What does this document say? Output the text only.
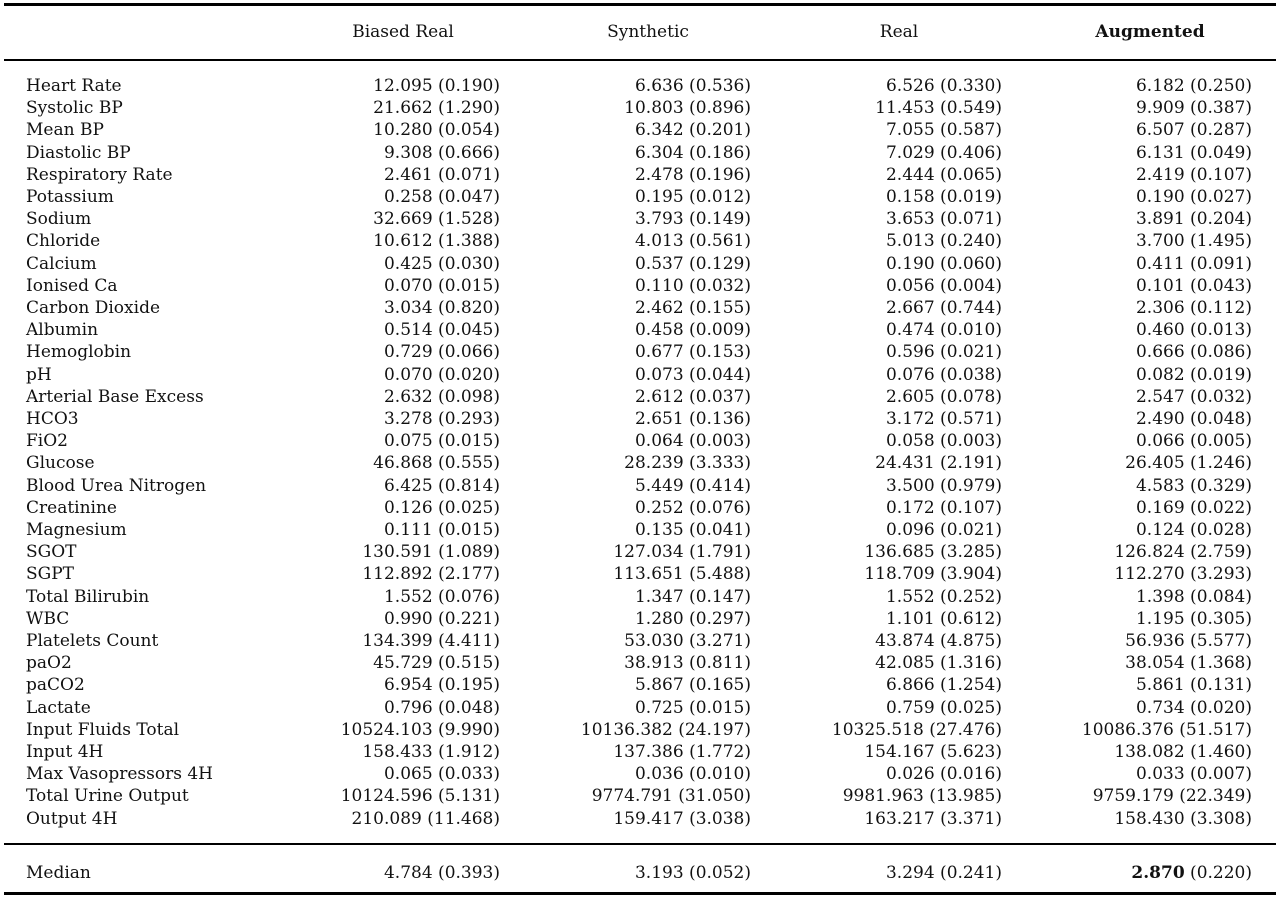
Biased Real	Synthetic	Real	Augmented
Heart Rate	12.095 (0.190)	6.636 (0.536)	6.526 (0.330)	6.182 (0.250)
Systolic BP	21.662 (1.290)	10.803 (0.896)	11.453 (0.549)	9.909 (0.387)
Mean BP	10.280 (0.054)	6.342 (0.201)	7.055 (0.587)	6.507 (0.287)
Diastolic BP	9.308 (0.666)	6.304 (0.186)	7.029 (0.406)	6.131 (0.049)
Respiratory Rate	2.461 (0.071)	2.478 (0.196)	2.444 (0.065)	2.419 (0.107)
Potassium	0.258 (0.047)	0.195 (0.012)	0.158 (0.019)	0.190 (0.027)
Sodium	32.669 (1.528)	3.793 (0.149)	3.653 (0.071)	3.891 (0.204)
Chloride	10.612 (1.388)	4.013 (0.561)	5.013 (0.240)	3.700 (1.495)
Calcium	0.425 (0.030)	0.537 (0.129)	0.190 (0.060)	0.411 (0.091)
Ionised Ca	0.070 (0.015)	0.110 (0.032)	0.056 (0.004)	0.101 (0.043)
Carbon Dioxide	3.034 (0.820)	2.462 (0.155)	2.667 (0.744)	2.306 (0.112)
Albumin	0.514 (0.045)	0.458 (0.009)	0.474 (0.010)	0.460 (0.013)
Hemoglobin	0.729 (0.066)	0.677 (0.153)	0.596 (0.021)	0.666 (0.086)
pH	0.070 (0.020)	0.073 (0.044)	0.076 (0.038)	0.082 (0.019)
Arterial Base Excess	2.632 (0.098)	2.612 (0.037)	2.605 (0.078)	2.547 (0.032)
HCO3	3.278 (0.293)	2.651 (0.136)	3.172 (0.571)	2.490 (0.048)
FiO2	0.075 (0.015)	0.064 (0.003)	0.058 (0.003)	0.066 (0.005)
Glucose	46.868 (0.555)	28.239 (3.333)	24.431 (2.191)	26.405 (1.246)
Blood Urea Nitrogen	6.425 (0.814)	5.449 (0.414)	3.500 (0.979)	4.583 (0.329)
Creatinine	0.126 (0.025)	0.252 (0.076)	0.172 (0.107)	0.169 (0.022)
Magnesium	0.111 (0.015)	0.135 (0.041)	0.096 (0.021)	0.124 (0.028)
SGOT	130.591 (1.089)	127.034 (1.791)	136.685 (3.285)	126.824 (2.759)
SGPT	112.892 (2.177)	113.651 (5.488)	118.709 (3.904)	112.270 (3.293)
Total Bilirubin	1.552 (0.076)	1.347 (0.147)	1.552 (0.252)	1.398 (0.084)
WBC	0.990 (0.221)	1.280 (0.297)	1.101 (0.612)	1.195 (0.305)
Platelets Count	134.399 (4.411)	53.030 (3.271)	43.874 (4.875)	56.936 (5.577)
paO2	45.729 (0.515)	38.913 (0.811)	42.085 (1.316)	38.054 (1.368)
paCO2	6.954 (0.195)	5.867 (0.165)	6.866 (1.254)	5.861 (0.131)
Lactate	0.796 (0.048)	0.725 (0.015)	0.759 (0.025)	0.734 (0.020)
Input Fluids Total	10524.103 (9.990)	10136.382 (24.197)	10325.518 (27.476)	10086.376 (51.517)
Input 4H	158.433 (1.912)	137.386 (1.772)	154.167 (5.623)	138.082 (1.460)
Max Vasopressors 4H	0.065 (0.033)	0.036 (0.010)	0.026 (0.016)	0.033 (0.007)
Total Urine Output	10124.596 (5.131)	9774.791 (31.050)	9981.963 (13.985)	9759.179 (22.349)
Output 4H	210.089 (11.468)	159.417 (3.038)	163.217 (3.371)	158.430 (3.308)
Median	4.784 (0.393)	3.193 (0.052)	3.294 (0.241)	2.870 (0.220)
